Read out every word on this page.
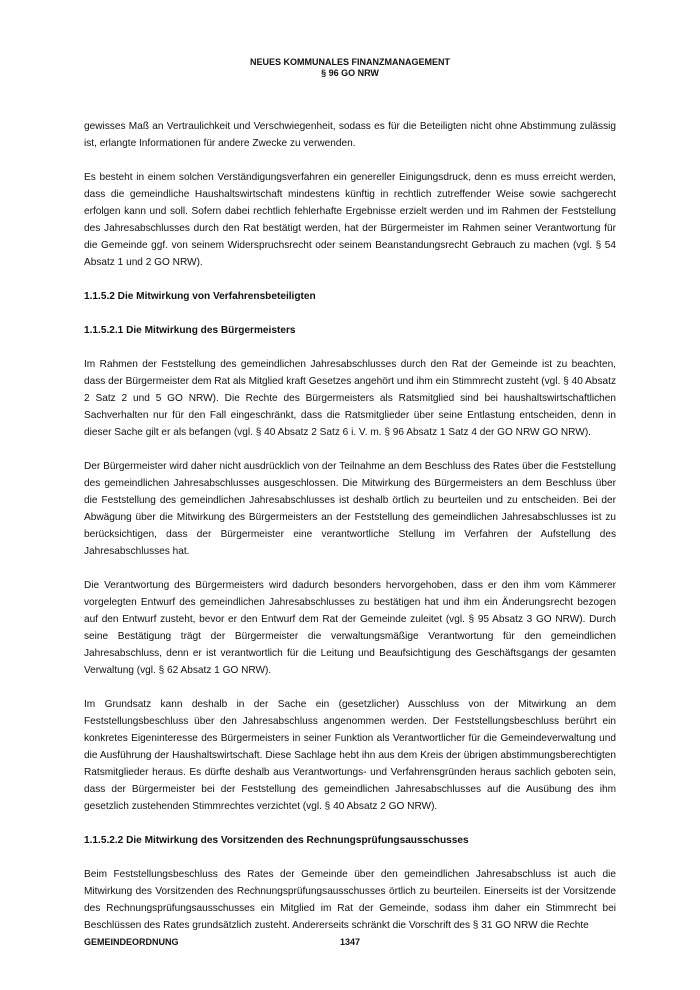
NEUES KOMMUNALES FINANZMANAGEMENT
§ 96 GO NRW

gewisses Maß an Vertraulichkeit und Verschwiegenheit, sodass es für die Beteiligten nicht ohne Abstimmung zulässig ist, erlangte Informationen für andere Zwecke zu verwenden.

Es besteht in einem solchen Verständigungsverfahren ein genereller Einigungsdruck, denn es muss erreicht werden, dass die gemeindliche Haushaltswirtschaft mindestens künftig in rechtlich zutreffender Weise sowie sachgerecht erfolgen kann und soll. Sofern dabei rechtlich fehlerhafte Ergebnisse erzielt werden und im Rahmen der Feststellung des Jahresabschlusses durch den Rat bestätigt werden, hat der Bürgermeister im Rahmen seiner Verantwortung für die Gemeinde ggf. von seinem Widerspruchsrecht oder seinem Beanstandungsrecht Gebrauch zu machen (vgl. § 54 Absatz 1 und 2 GO NRW).

1.1.5.2 Die Mitwirkung von Verfahrensbeteiligten
1.1.5.2.1 Die Mitwirkung des Bürgermeisters

Im Rahmen der Feststellung des gemeindlichen Jahresabschlusses durch den Rat der Gemeinde ist zu beachten, dass der Bürgermeister dem Rat als Mitglied kraft Gesetzes angehört und ihm ein Stimmrecht zusteht (vgl. § 40 Absatz 2 Satz 2 und 5 GO NRW). Die Rechte des Bürgermeisters als Ratsmitglied sind bei haushaltswirtschaftlichen Sachverhalten nur für den Fall eingeschränkt, dass die Ratsmitglieder über seine Entlastung entscheiden, denn in dieser Sache gilt er als befangen (vgl. § 40 Absatz 2 Satz 6 i. V. m. § 96 Absatz 1 Satz 4 der GO NRW GO NRW).

Der Bürgermeister wird daher nicht ausdrücklich von der Teilnahme an dem Beschluss des Rates über die Feststellung des gemeindlichen Jahresabschlusses ausgeschlossen. Die Mitwirkung des Bürgermeisters an dem Beschluss über die Feststellung des gemeindlichen Jahresabschlusses ist deshalb örtlich zu beurteilen und zu entscheiden. Bei der Abwägung über die Mitwirkung des Bürgermeisters an der Feststellung des gemeindlichen Jahresabschlusses ist zu berücksichtigen, dass der Bürgermeister eine verantwortliche Stellung im Verfahren der Aufstellung des Jahresabschlusses hat.

Die Verantwortung des Bürgermeisters wird dadurch besonders hervorgehoben, dass er den ihm vom Kämmerer vorgelegten Entwurf des gemeindlichen Jahresabschlusses zu bestätigen hat und ihm ein Änderungsrecht bezogen auf den Entwurf zusteht, bevor er den Entwurf dem Rat der Gemeinde zuleitet (vgl. § 95 Absatz 3 GO NRW). Durch seine Bestätigung trägt der Bürgermeister die verwaltungsmäßige Verantwortung für den gemeindlichen Jahresabschluss, denn er ist verantwortlich für die Leitung und Beaufsichtigung des Geschäftsgangs der gesamten Verwaltung (vgl. § 62 Absatz 1 GO NRW).

Im Grundsatz kann deshalb in der Sache ein (gesetzlicher) Ausschluss von der Mitwirkung an dem Feststellungsbeschluss über den Jahresabschluss angenommen werden. Der Feststellungsbeschluss berührt ein konkretes Eigeninteresse des Bürgermeisters in seiner Funktion als Verantwortlicher für die Gemeindeverwaltung und die Ausführung der Haushaltswirtschaft. Diese Sachlage hebt ihn aus dem Kreis der übrigen abstimmungsberechtigten Ratsmitglieder heraus. Es dürfte deshalb aus Verantwortungs- und Verfahrensgründen heraus sachlich geboten sein, dass der Bürgermeister bei der Feststellung des gemeindlichen Jahresabschlusses auf die Ausübung des ihm gesetzlich zustehenden Stimmrechtes verzichtet (vgl. § 40 Absatz 2 GO NRW).

1.1.5.2.2 Die Mitwirkung des Vorsitzenden des Rechnungsprüfungsausschusses

Beim Feststellungsbeschluss des Rates der Gemeinde über den gemeindlichen Jahresabschluss ist auch die Mitwirkung des Vorsitzenden des Rechnungsprüfungsausschusses örtlich zu beurteilen. Einerseits ist der Vorsitzende des Rechnungsprüfungsausschusses ein Mitglied im Rat der Gemeinde, sodass ihm daher ein Stimmrecht bei Beschlüssen des Rates grundsätzlich zusteht. Andererseits schränkt die Vorschrift des § 31 GO NRW die Rechte

GEMEINDEORDNUNG	1347
